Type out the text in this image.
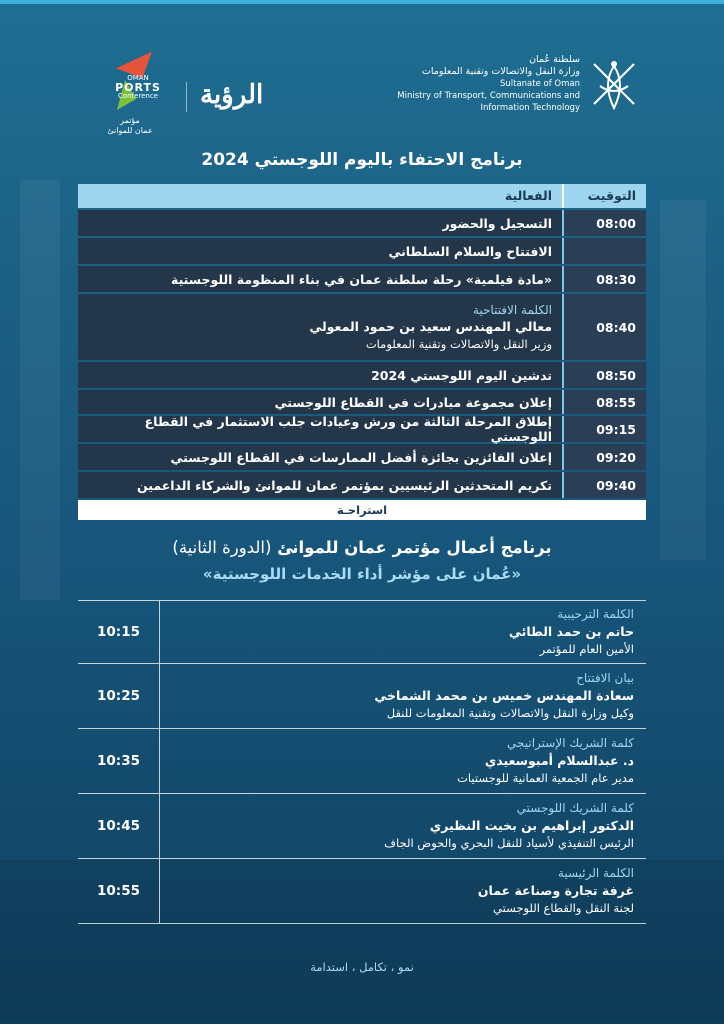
OMAN
PORTS
Conference
مؤتمر
عمان للموانئ
الرؤية
سلطنة عُمان
وزارة النقل والاتصالات وتقنية المعلومات
Sultanate of Oman
Ministry of Transport, Communications and
Information Technology
برنامج الاحتفاء باليوم اللوجستي 2024
التوقيت
الفعالية
08:00
التسجيل والحضور
الافتتاح والسلام السلطاني
08:30
«مادة فيلمية» رحلة سلطنة عمان في بناء المنظومة اللوجستية
08:40
الكلمة الافتتاحية
معالي المهندس سعيد بن حمود المعولي
وزير النقل والاتصالات وتقنية المعلومات
08:50
تدشين اليوم اللوجستي 2024
08:55
إعلان مجموعة مبادرات في القطاع اللوجستي
09:15
إطلاق المرحلة الثالثة من ورش وعيادات جلب الاستثمار في القطاع اللوجستي
09:20
إعلان الفائزين بجائزة أفضل الممارسات في القطاع اللوجستي
09:40
تكريم المتحدثين الرئيسيين بمؤتمر عمان للموانئ والشركاء الداعمين
استراحـة
برنامج أعمال مؤتمر عمان للموانئ (الدورة الثانية)
«عُمان على مؤشر أداء الخدمات اللوجستية»
الكلمة الترحيبية
حاتم بن حمد الطائي
الأمين العام للمؤتمر
10:15
بيان الافتتاح
سعادة المهندس خميس بن محمد الشماخي
وكيل وزارة النقل والاتصالات وتقنية المعلومات للنقل
10:25
كلمة الشريك الإستراتيجي
د. عبدالسلام أمبوسعيدي
مدير عام الجمعية العمانية للوجستيات
10:35
كلمة الشريك اللوجستي
الدكتور إبراهيم بن بخيت النظيري
الرئيس التنفيذي لأسياد للنقل البحري والحوض الجاف
10:45
الكلمة الرئيسية
غرفة تجارة وصناعة عمان
لجنة النقل والقطاع اللوجستي
10:55
نمو ، تكامل ، استدامة
